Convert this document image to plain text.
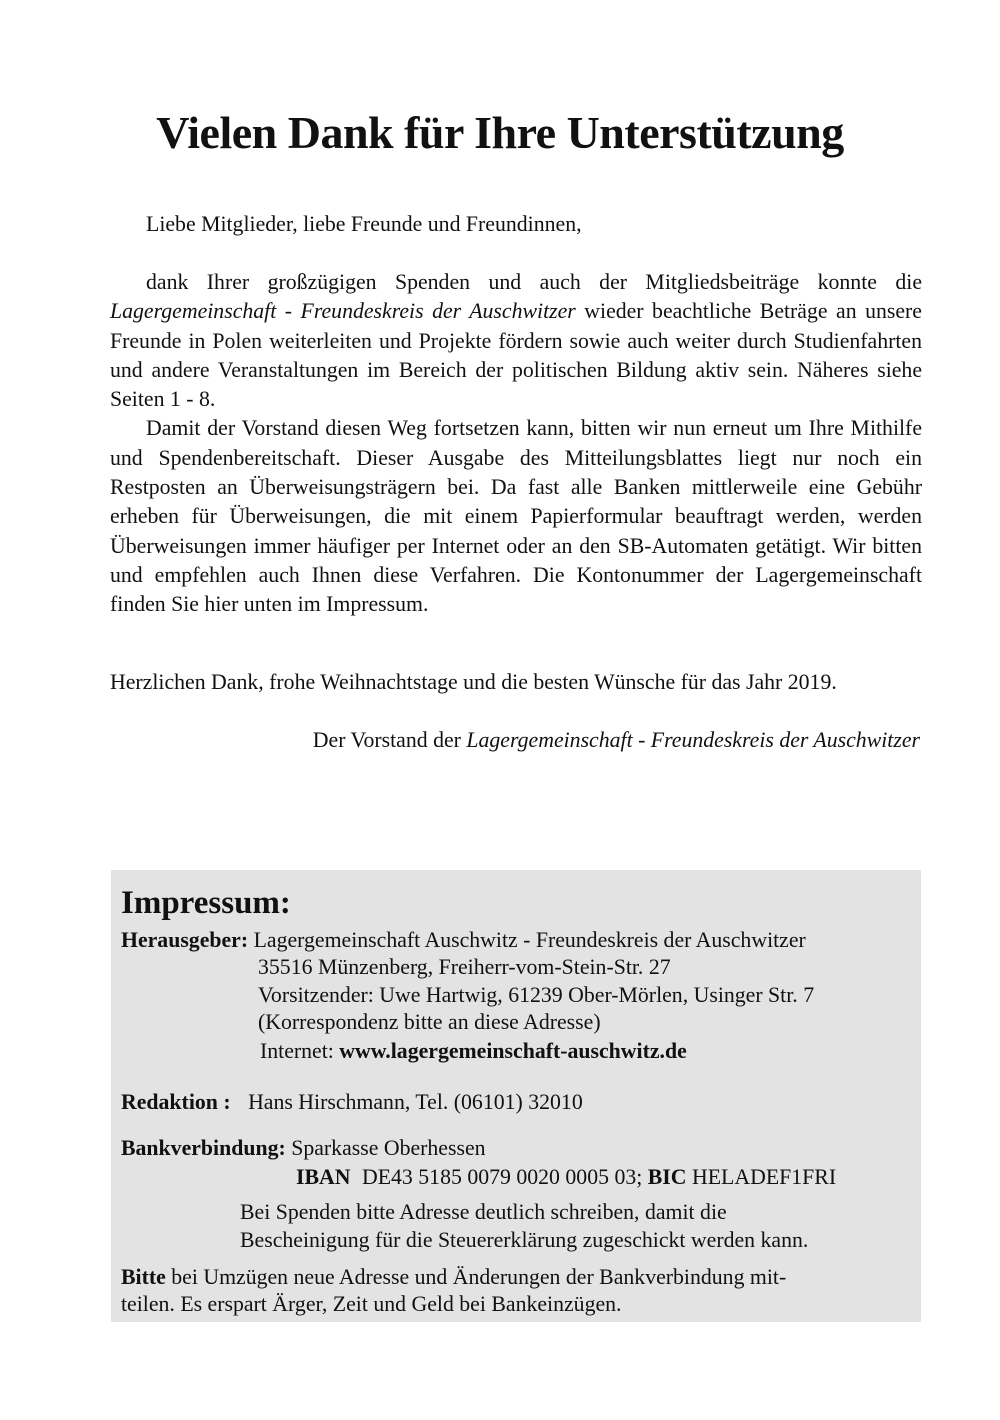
Vielen Dank für Ihre Unterstützung
Liebe Mitglieder, liebe Freunde und Freundinnen,

dank Ihrer großzügigen Spenden und auch der Mitgliedsbeiträge konnte die Lagergemeinschaft - Freundeskreis der Auschwitzer wieder beachtliche Beträge an unsere Freunde in Polen weiterleiten und Projekte fördern sowie auch weiter durch Studienfahrten und andere Veranstaltungen im Bereich der politischen Bildung aktiv sein. Näheres siehe Seiten 1 - 8.

Damit der Vorstand diesen Weg fortsetzen kann, bitten wir nun erneut um Ihre Mithilfe und Spendenbereitschaft. Dieser Ausgabe des Mitteilungsblattes liegt nur noch ein Restposten an Überweisungsträgern bei. Da fast alle Banken mittlerweile eine Gebühr erheben für Überweisungen, die mit einem Papierformular beauftragt werden, werden Überweisungen immer häufiger per Internet oder an den SB-Automaten getätigt. Wir bitten und empfehlen auch Ihnen diese Verfahren. Die Kontonummer der Lagergemeinschaft finden Sie hier unten im Impressum.

Herzlichen Dank, frohe Weihnachtstage und die besten Wünsche für das Jahr 2019.
Der Vorstand der Lagergemeinschaft - Freundeskreis der Auschwitzer
Impressum:
Herausgeber: Lagergemeinschaft Auschwitz - Freundeskreis der Auschwitzer
35516 Münzenberg, Freiherr-vom-Stein-Str. 27
Vorsitzender: Uwe Hartwig, 61239 Ober-Mörlen, Usinger Str. 7
(Korrespondenz bitte an diese Adresse)
Internet: www.lagergemeinschaft-auschwitz.de
Redaktion : Hans Hirschmann, Tel. (06101) 32010
Bankverbindung: Sparkasse Oberhessen
IBAN DE43 5185 0079 0020 0005 03; BIC HELADEF1FRI
Bei Spenden bitte Adresse deutlich schreiben, damit die
Bescheinigung für die Steuererklärung zugeschickt werden kann.
Bitte bei Umzügen neue Adresse und Änderungen der Bankverbindung mit-
teilen. Es erspart Ärger, Zeit und Geld bei Bankeinzügen.
